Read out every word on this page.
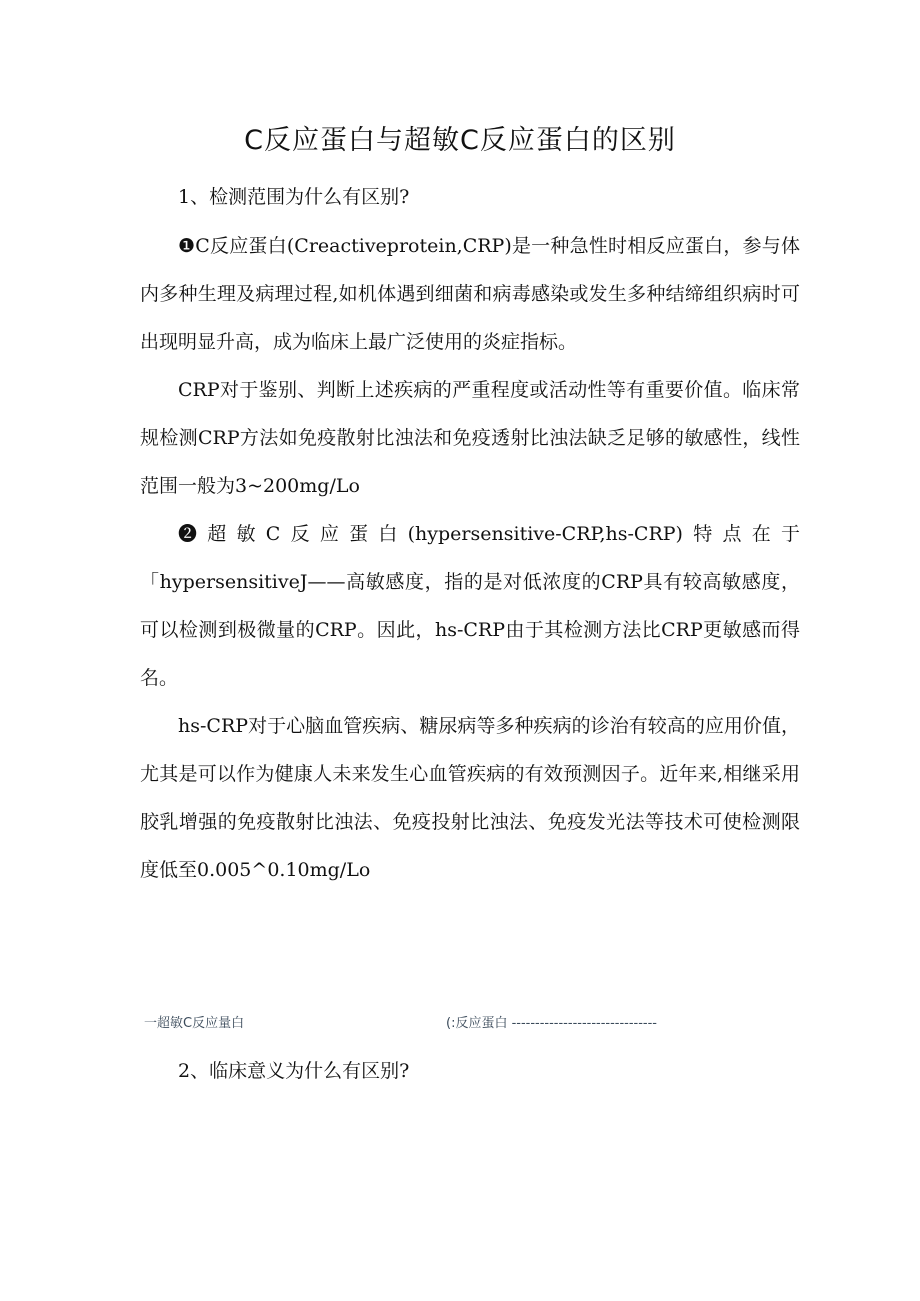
C反应蛋白与超敏C反应蛋白的区别

1、检测范围为什么有区别?

❶C反应蛋白(Creactiveprotein,CRP)是一种急性时相反应蛋白，参与体内多种生理及病理过程,如机体遇到细菌和病毒感染或发生多种结缔组织病时可出现明显升高，成为临床上最广泛使用的炎症指标。

CRP对于鉴别、判断上述疾病的严重程度或活动性等有重要价值。临床常规检测CRP方法如免疫散射比浊法和免疫透射比浊法缺乏足够的敏感性，线性范围一般为3~200mg/Lo

❷超敏C反应蛋白(hypersensitive-CRP,hs-CRP)特点在于「hypersensitiveJ——高敏感度，指的是对低浓度的CRP具有较高敏感度，可以检测到极微量的CRP。因此，hs-CRP由于其检测方法比CRP更敏感而得名。

hs-CRP对于心脑血管疾病、糖尿病等多种疾病的诊治有较高的应用价值，尤其是可以作为健康人未来发生心血管疾病的有效预测因子。近年来,相继采用胶乳增强的免疫散射比浊法、免疫投射比浊法、免疫发光法等技术可使检测限度低至0.005^0.10mg/Lo

一超敏C反应量白	(:反应蛋白 -------------------------------

2、临床意义为什么有区别?
